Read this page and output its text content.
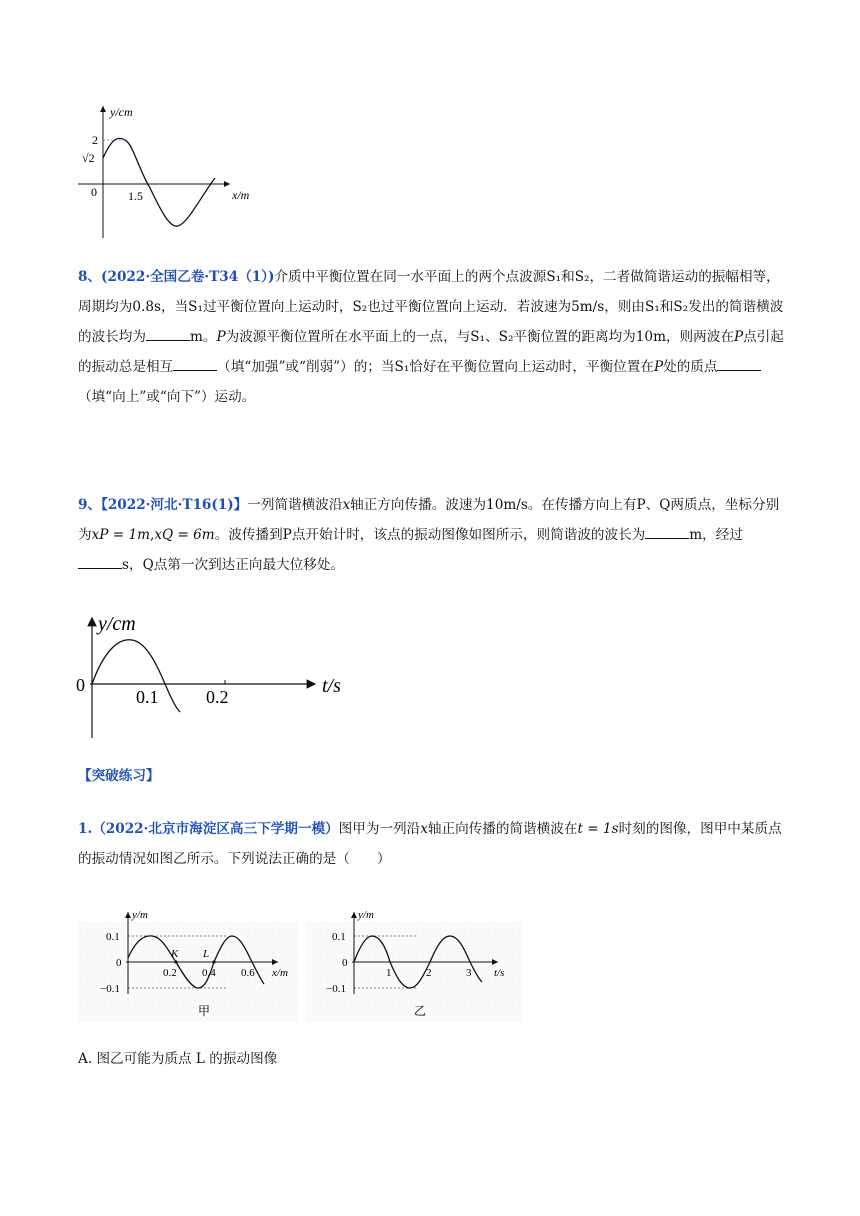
y/cm
2
√2
0	1.5	x/m

8、(2022·全国乙卷·T34（1）)介质中平衡位置在同一水平面上的两个点波源S₁和S₂，二者做简谐运动的振幅相等，周期均为0.8s，当S₁过平衡位置向上运动时，S₂也过平衡位置向上运动．若波速为5m/s，则由S₁和S₂发出的简谐横波的波长均为	m。P为波源平衡位置所在水平面上的一点，与S₁、S₂平衡位置的距离均为10m，则两波在P点引起的振动总是相互	（填“加强”或“削弱”）的；当S₁恰好在平衡位置向上运动时，平衡位置在P处的质点（填“向上”或“向下”）运动。

9、【2022·河北·T16(1)】一列简谐横波沿x轴正方向传播。波速为10m/s。在传播方向上有P、Q两质点，坐标分别为xP = 1m,xQ = 6m。波传播到P点开始计时，该点的振动图像如图所示，则简谐波的波长为	m，经过s，Q点第一次到达正向最大位移处。

y/cm
0
0.1	0.2	t/s
【突破练习】

1.（2022·北京市海淀区高三下学期一模）图甲为一列沿x轴正向传播的简谐横波在t = 1s时刻的图像，图甲中某质点的振动情况如图乙所示。下列说法正确的是（　　）

y/m
0.1
0
−0.1
K L
0.2 0.4 0.6 x/m
甲
y/m
0.1
0
−0.1
1	2	3 t/s
乙

A. 图乙可能为质点 L 的振动图像
